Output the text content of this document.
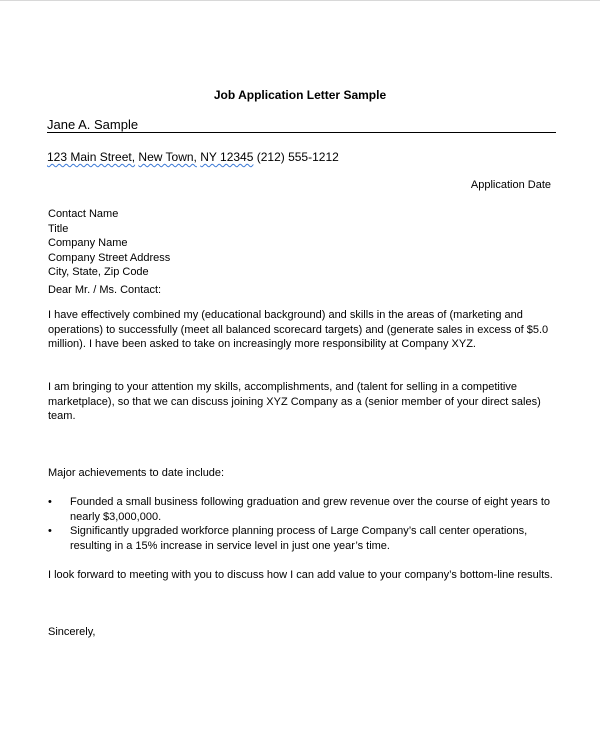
Job Application Letter Sample
Jane A. Sample
123 Main Street, New Town, NY 12345 (212) 555-1212
Application Date
Contact Name
Title
Company Name
Company Street Address
City, State, Zip Code
Dear Mr. / Ms. Contact:
I have effectively combined my (educational background) and skills in the areas of (marketing and operations) to successfully (meet all balanced scorecard targets) and (generate sales in excess of $5.0 million). I have been asked to take on increasingly more responsibility at Company XYZ.
I am bringing to your attention my skills, accomplishments, and (talent for selling in a competitive marketplace), so that we can discuss joining XYZ Company as a (senior member of your direct sales) team.
Major achievements to date include:
• Founded a small business following graduation and grew revenue over the course of eight years to nearly $3,000,000.
• Significantly upgraded workforce planning process of Large Company’s call center operations, resulting in a 15% increase in service level in just one year’s time.
I look forward to meeting with you to discuss how I can add value to your company’s bottom-line results.
Sincerely,
